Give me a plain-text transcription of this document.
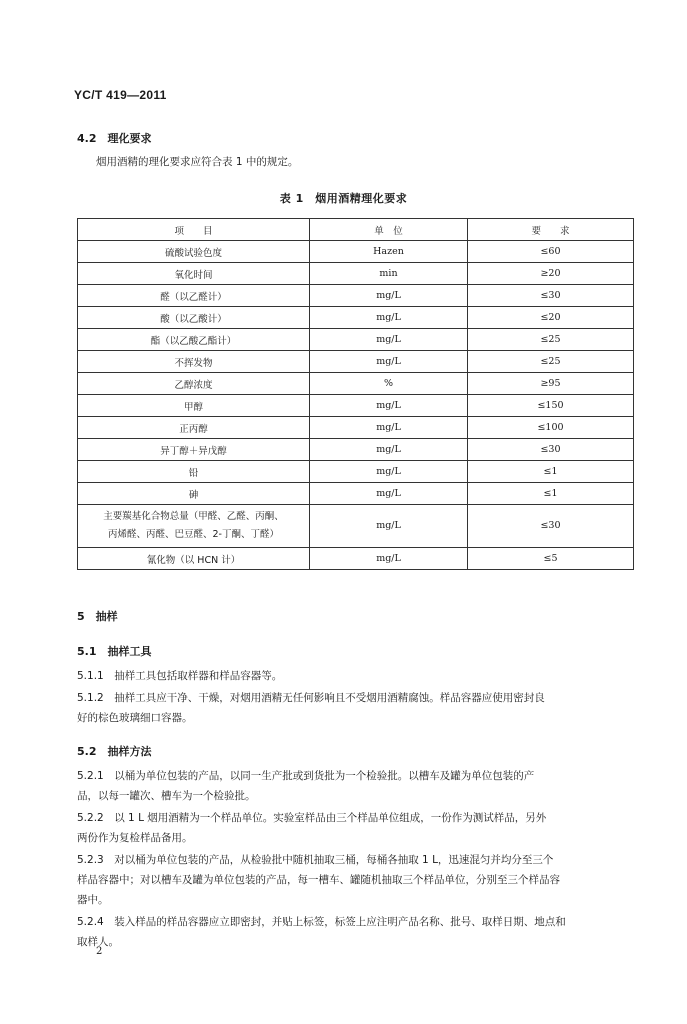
YC/T 419—2011
4.2　理化要求
烟用酒精的理化要求应符合表 1 中的规定。
表 1　烟用酒精理化要求
项　　目	单　位	要　　求
硫酸试验色度	Hazen	≤60
氧化时间	min	≥20
醛（以乙醛计）	mg/L	≤30
酸（以乙酸计）	mg/L	≤20
酯（以乙酸乙酯计）	mg/L	≤25
不挥发物	mg/L	≤25
乙醇浓度	%	≥95
甲醇	mg/L	≤150
正丙醇	mg/L	≤100
异丁醇＋异戊醇	mg/L	≤30
铅	mg/L	≤1
砷	mg/L	≤1

主要羰基化合物总量（甲醛、乙醛、丙酮、
丙烯醛、丙醛、巴豆醛、2-丁酮、丁醛）	mg/L	≤30
氰化物（以 HCN 计）	mg/L	≤5
5　抽样
5.1　抽样工具
5.1.1　抽样工具包括取样器和样品容器等。
5.1.2　抽样工具应干净、干燥，对烟用酒精无任何影响且不受烟用酒精腐蚀。样品容器应使用密封良
好的棕色玻璃细口容器。
5.2　抽样方法
5.2.1　以桶为单位包装的产品，以同一生产批或到货批为一个检验批。以槽车及罐为单位包装的产
品，以每一罐次、槽车为一个检验批。
5.2.2　以 1 L 烟用酒精为一个样品单位。实验室样品由三个样品单位组成，一份作为测试样品，另外
两份作为复检样品备用。
5.2.3　对以桶为单位包装的产品，从检验批中随机抽取三桶，每桶各抽取 1 L，迅速混匀并均分至三个
样品容器中；对以槽车及罐为单位包装的产品，每一槽车、罐随机抽取三个样品单位，分别至三个样品容
器中。
5.2.4　装入样品的样品容器应立即密封，并贴上标签，标签上应注明产品名称、批号、取样日期、地点和
取样人。
2
